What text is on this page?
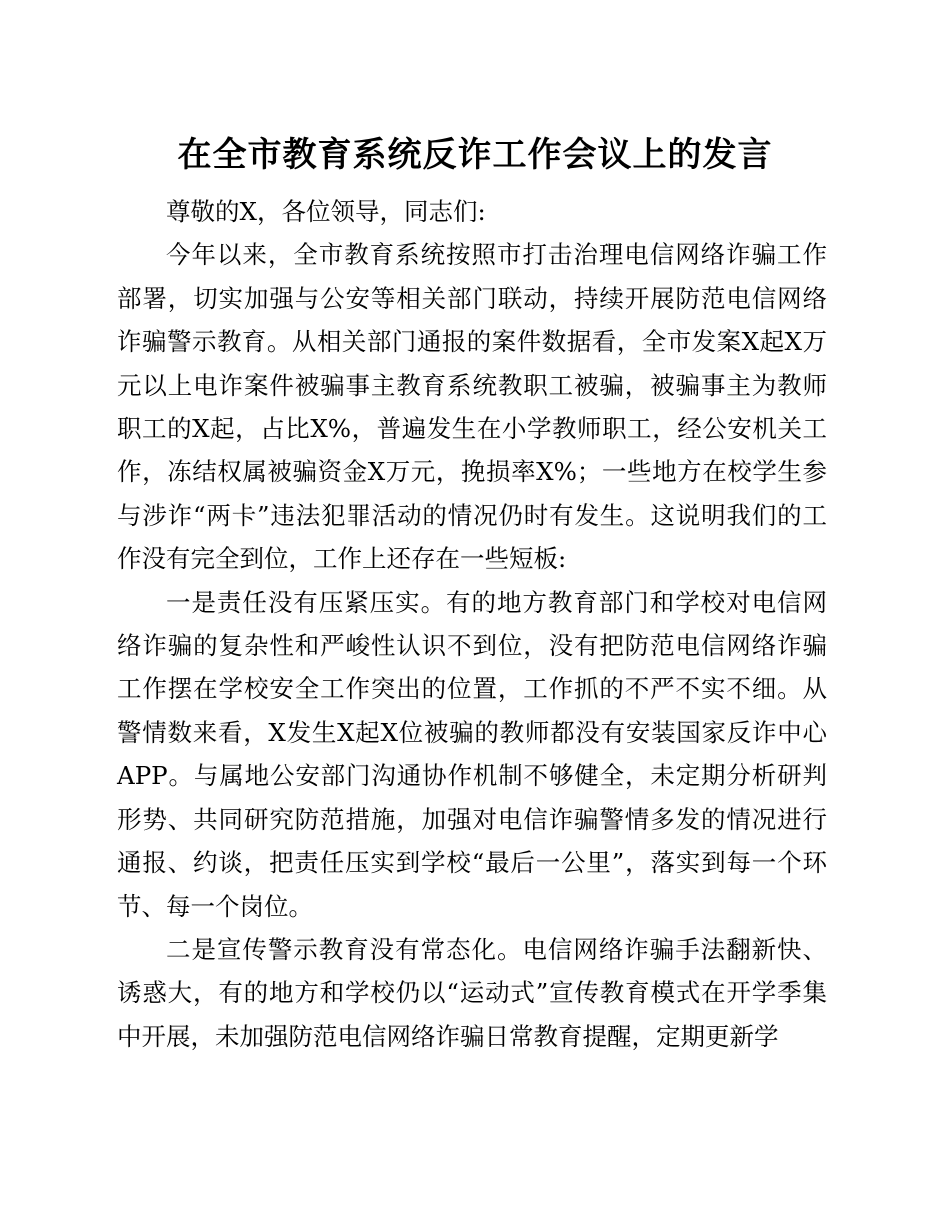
在全市教育系统反诈工作会议上的发言

尊敬的X，各位领导，同志们:

今年以来，全市教育系统按照市打击治理电信网络诈骗工作部署，切实加强与公安等相关部门联动，持续开展防范电信网络诈骗警示教育。从相关部门通报的案件数据看，全市发案X起X万元以上电诈案件被骗事主教育系统教职工被骗，被骗事主为教师职工的X起，占比X%，普遍发生在小学教师职工，经公安机关工作，冻结权属被骗资金X万元，挽损率X%；一些地方在校学生参与涉诈“两卡”违法犯罪活动的情况仍时有发生。这说明我们的工作没有完全到位，工作上还存在一些短板:

一是责任没有压紧压实。有的地方教育部门和学校对电信网络诈骗的复杂性和严峻性认识不到位，没有把防范电信网络诈骗工作摆在学校安全工作突出的位置，工作抓的不严不实不细。从警情数来看，X发生X起X位被骗的教师都没有安装国家反诈中心APP。与属地公安部门沟通协作机制不够健全，未定期分析研判形势、共同研究防范措施，加强对电信诈骗警情多发的情况进行通报、约谈，把责任压实到学校“最后一公里”，落实到每一个环节、每一个岗位。

二是宣传警示教育没有常态化。电信网络诈骗手法翻新快、诱惑大，有的地方和学校仍以“运动式”宣传教育模式在开学季集中开展，未加强防范电信网络诈骗日常教育提醒，定期更新学
